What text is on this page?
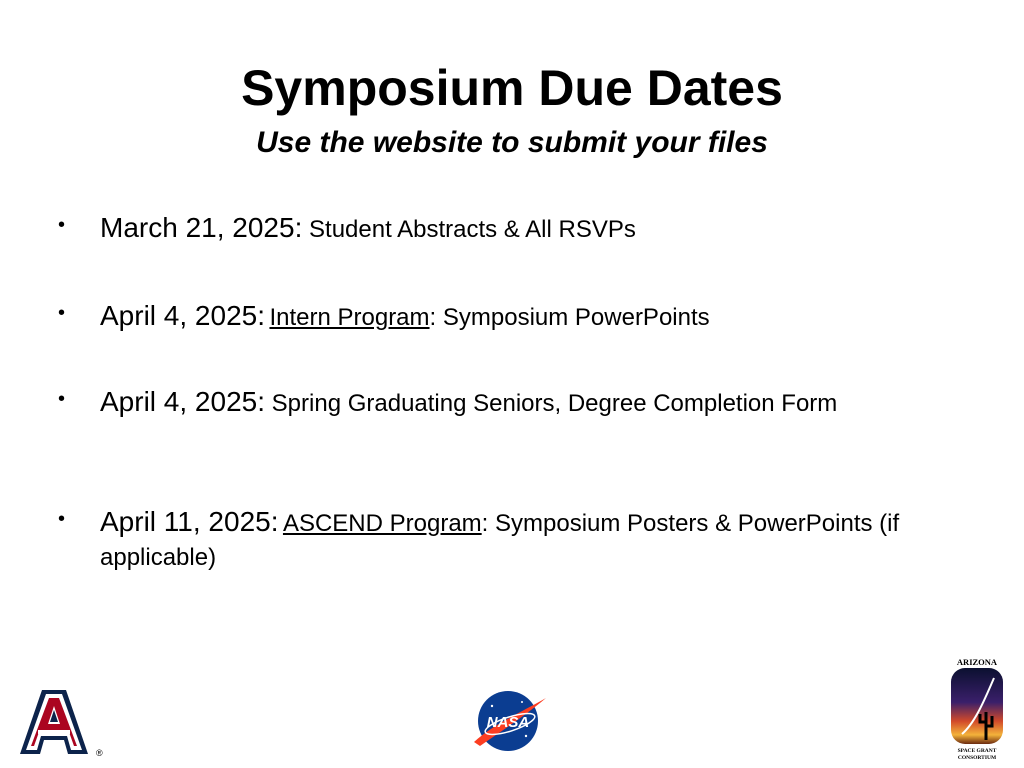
Symposium Due Dates
Use the website to submit your files
• March 21, 2025: Student Abstracts & All RSVPs
• April 4, 2025: Intern Program: Symposium PowerPoints
• April 4, 2025: Spring Graduating Seniors, Degree Completion Form
• April 11, 2025: ASCEND Program: Symposium Posters & PowerPoints (if applicable)
®
NASA
ARIZONA
SPACE GRANT
CONSORTIUM
